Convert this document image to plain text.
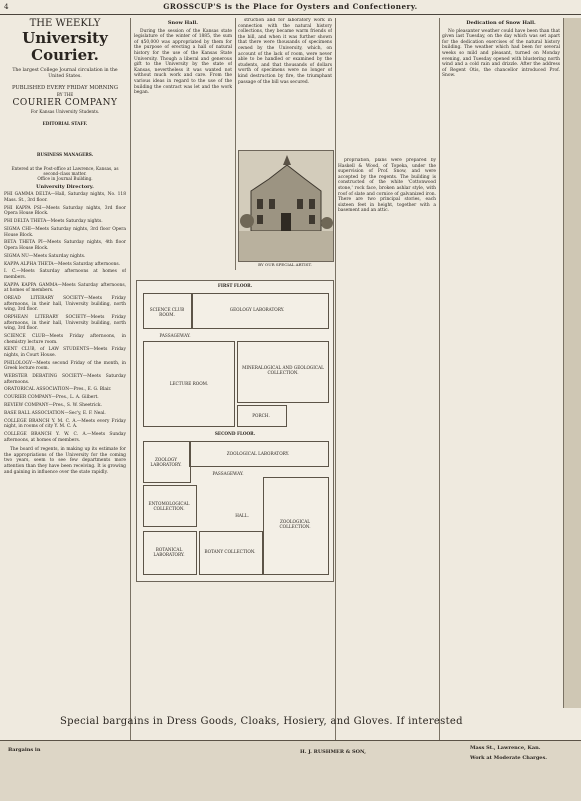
4	GROSSCUP'S is the Place for Oysters and Confectionery.
THE WEEKLY
University Courier.
The largest College Journal circulation in the United States.
PUBLISHED EVERY FRIDAY MORNING
BY THE
COURIER COMPANY
For Kansas University Students.
EDITORIAL STAFF.
BUSINESS MANAGERS.
Entered at the Post-office at Lawrence, Kansas, as second-class matter.
Office in Journal Building.
University Directory.

PHI GAMMA DELTA—Hall, Saturday nights, No. 118 Mass. St., 3rd floor.

PHI KAPPA PSI—Meets Saturday nights, 3rd floor Opera House Block.

PHI DELTA THETA—Meets Saturday nights.

SIGMA CHI—Meets Saturday nights, 3rd floor Opera House Block.

BETA THETA PI—Meets Saturday nights, 4th floor Opera House Block.

SIGMA NU—Meets Saturday nights.

KAPPA ALPHA THETA—Meets Saturday afternoons.

I. C.—Meets Saturday afternoons at homes of members.

KAPPA KAPPA GAMMA—Meets Saturday afternoons, at homes of members.

OREAD LITERARY SOCIETY—Meets Friday afternoons, in their hall, University building, north wing, 3rd floor.

ORPHEAN LITERARY SOCIETY—Meets Friday afternoons, in their hall, University building, north wing, 3rd floor.

SCIENCE CLUB—Meets Friday afternoons, in chemistry lecture room.

KENT CLUB, of LAW STUDENTS—Meets Friday nights, in Court House.

PHILOLOGY—Meets second Friday of the month, in Greek lecture room.

WEBSTER DEBATING SOCIETY—Meets Saturday afternoons.

ORATORICAL ASSOCIATION—Pres., E. G. Blair.

COURIER COMPANY—Pres., L. A. Gilbert.

REVIEW COMPANY—Pres., S. W. Sheetrick.

BASE BALL ASSOCIATION—Sec'y, E. F. Neal.

COLLEGE BRANCH Y. M. C. A.—Meets every Friday night, in rooms of city Y. M. C. A.

COLLEGE BRANCH Y. W. C. A.—Meets Sunday afternoons, at homes of members.

The board of regents, in making up its estimate for the appropriations of the University for the coming two years, seem to see few departments more attention than they have been receiving. It is growing and gaining in influence over the state rapidly.

Snow Hall.

During the session of the Kansas state legislature of the winter of 1885, the sum of $50,000 was appropriated by them for the purpose of erecting a hall of natural history for the use of the Kansas State University. Though a liberal and generous gift to the University by the state of Kansas, nevertheless it was wanted not without much work and care. From the various ideas in regard to the use of the building the contract was let and the work began.

struction and for laboratory work in connection with the natural history collections, they became warm friends of the bill, and when it was further shown that there were thousands of specimens owned by the University, which, on account of the lack of room, were never able to be handled or examined by the students, and that thousands of dollars worth of specimens were no longer of kind destruction by fire, the triumphant passage of the bill was secured.

BY OUR SPECIAL ARTIST.
FIRST FLOOR.
SCIENCE CLUB ROOM.
GEOLOGY LABORATORY.
PASSAGEWAY.
MINERALOGICAL AND GEOLOGICAL COLLECTION.
LECTURE ROOM.
PORCH.
SECOND FLOOR.
ZOOLOGY LABORATORY.
ZOOLOGICAL LABORATORY.
PASSAGEWAY.
ENTOMOLOGICAL COLLECTION.
HALL.
ZOOLOGICAL COLLECTION.
BOTANY COLLECTION.
BOTANICAL LABORATORY.

propriation, plans were prepared by Haskell & Wood, of Topeka, under the supervision of Prof. Snow, and were accepted by the regents. The building is constructed of the white 'Cottonwood stone,' rock face, broken ashlar style, with roof of slate and cornice of galvanized iron. There are two principal stories, each sixteen feet in height, together with a basement and an attic.

Dedication of Snow Hall.

No pleasanter weather could have been than that given last Tuesday, on the day which was set apart for the dedication exercises of the natural history building. The weather which had been for several weeks so mild and pleasant, turned on Monday evening, and Tuesday opened with blustering north wind and a cold rain and drizzle. After the address of Regent Otis, the chancellor introduced Prof. Snow.

Special bargains in Dress Goods, Cloaks, Hosiery, and Gloves. If interested
Bargains in	H. J. RUSHMER & SON,
Mass St., Lawrence, Kan.
Work at Moderate Charges.
